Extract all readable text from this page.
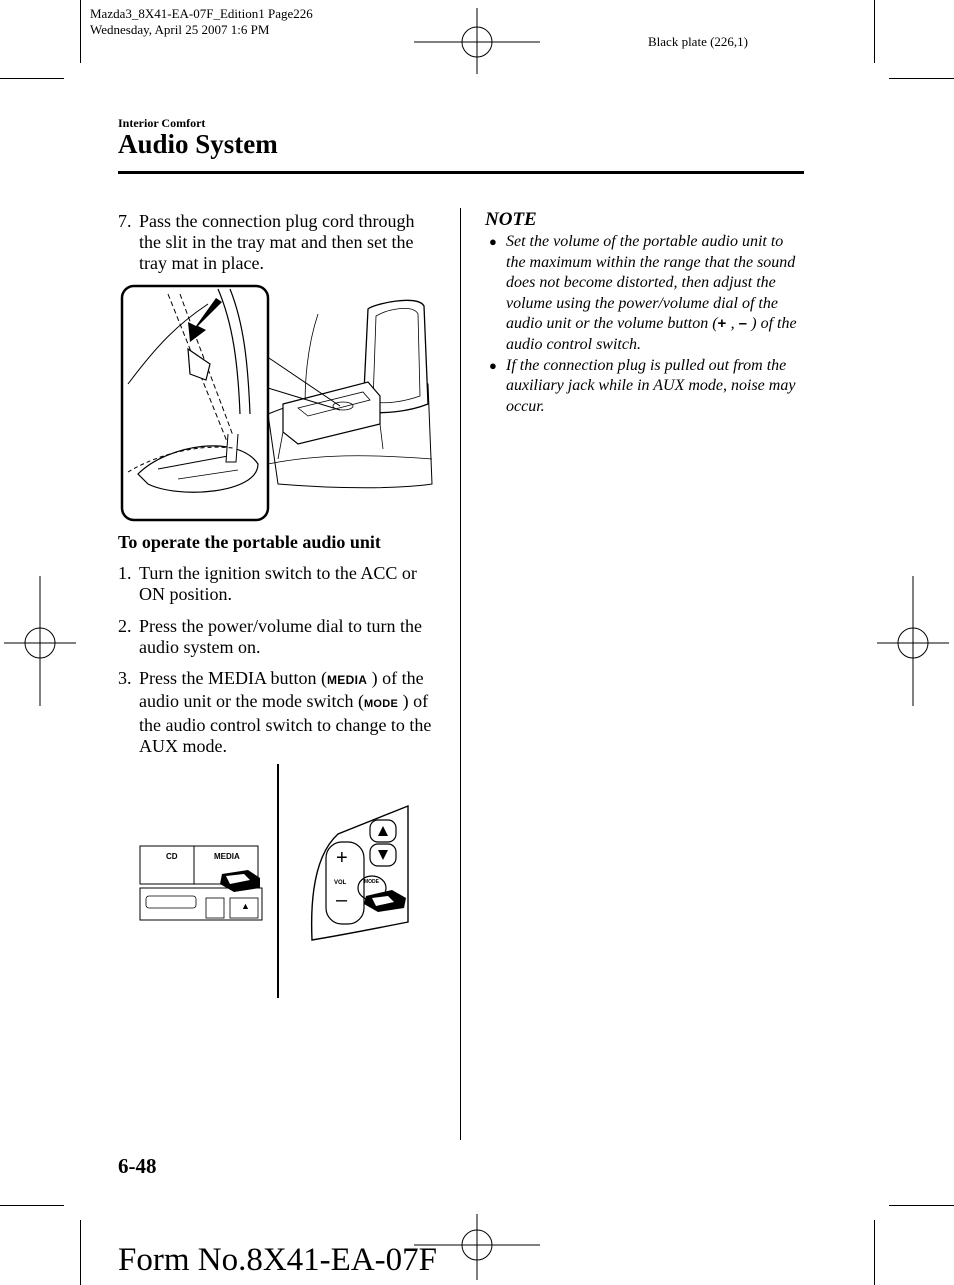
Mazda3_8X41-EA-07F_Edition1 Page226
Wednesday, April 25 2007 1:6 PM
Black plate (226,1)
Interior Comfort
Audio System
7. Pass the connection plug cord through the slit in the tray mat and then set the tray mat in place.
To operate the portable audio unit
1. Turn the ignition switch to the ACC or ON position.
2. Press the power/volume dial to turn the audio system on.
3. Press the MEDIA button (MEDIA ) of the audio unit or the mode switch (MODE ) of the audio control switch to change to the AUX mode.
CD	MEDIA
▲
+
VOL
–
MODE
NOTE
● Set the volume of the portable audio unit to the maximum within the range that the sound does not become distorted, then adjust the volume using the power/volume dial of the audio unit or the volume button (+ , – ) of the audio control switch.
● If the connection plug is pulled out from the auxiliary jack while in AUX mode, noise may occur.
6-48
Form No.8X41-EA-07F
